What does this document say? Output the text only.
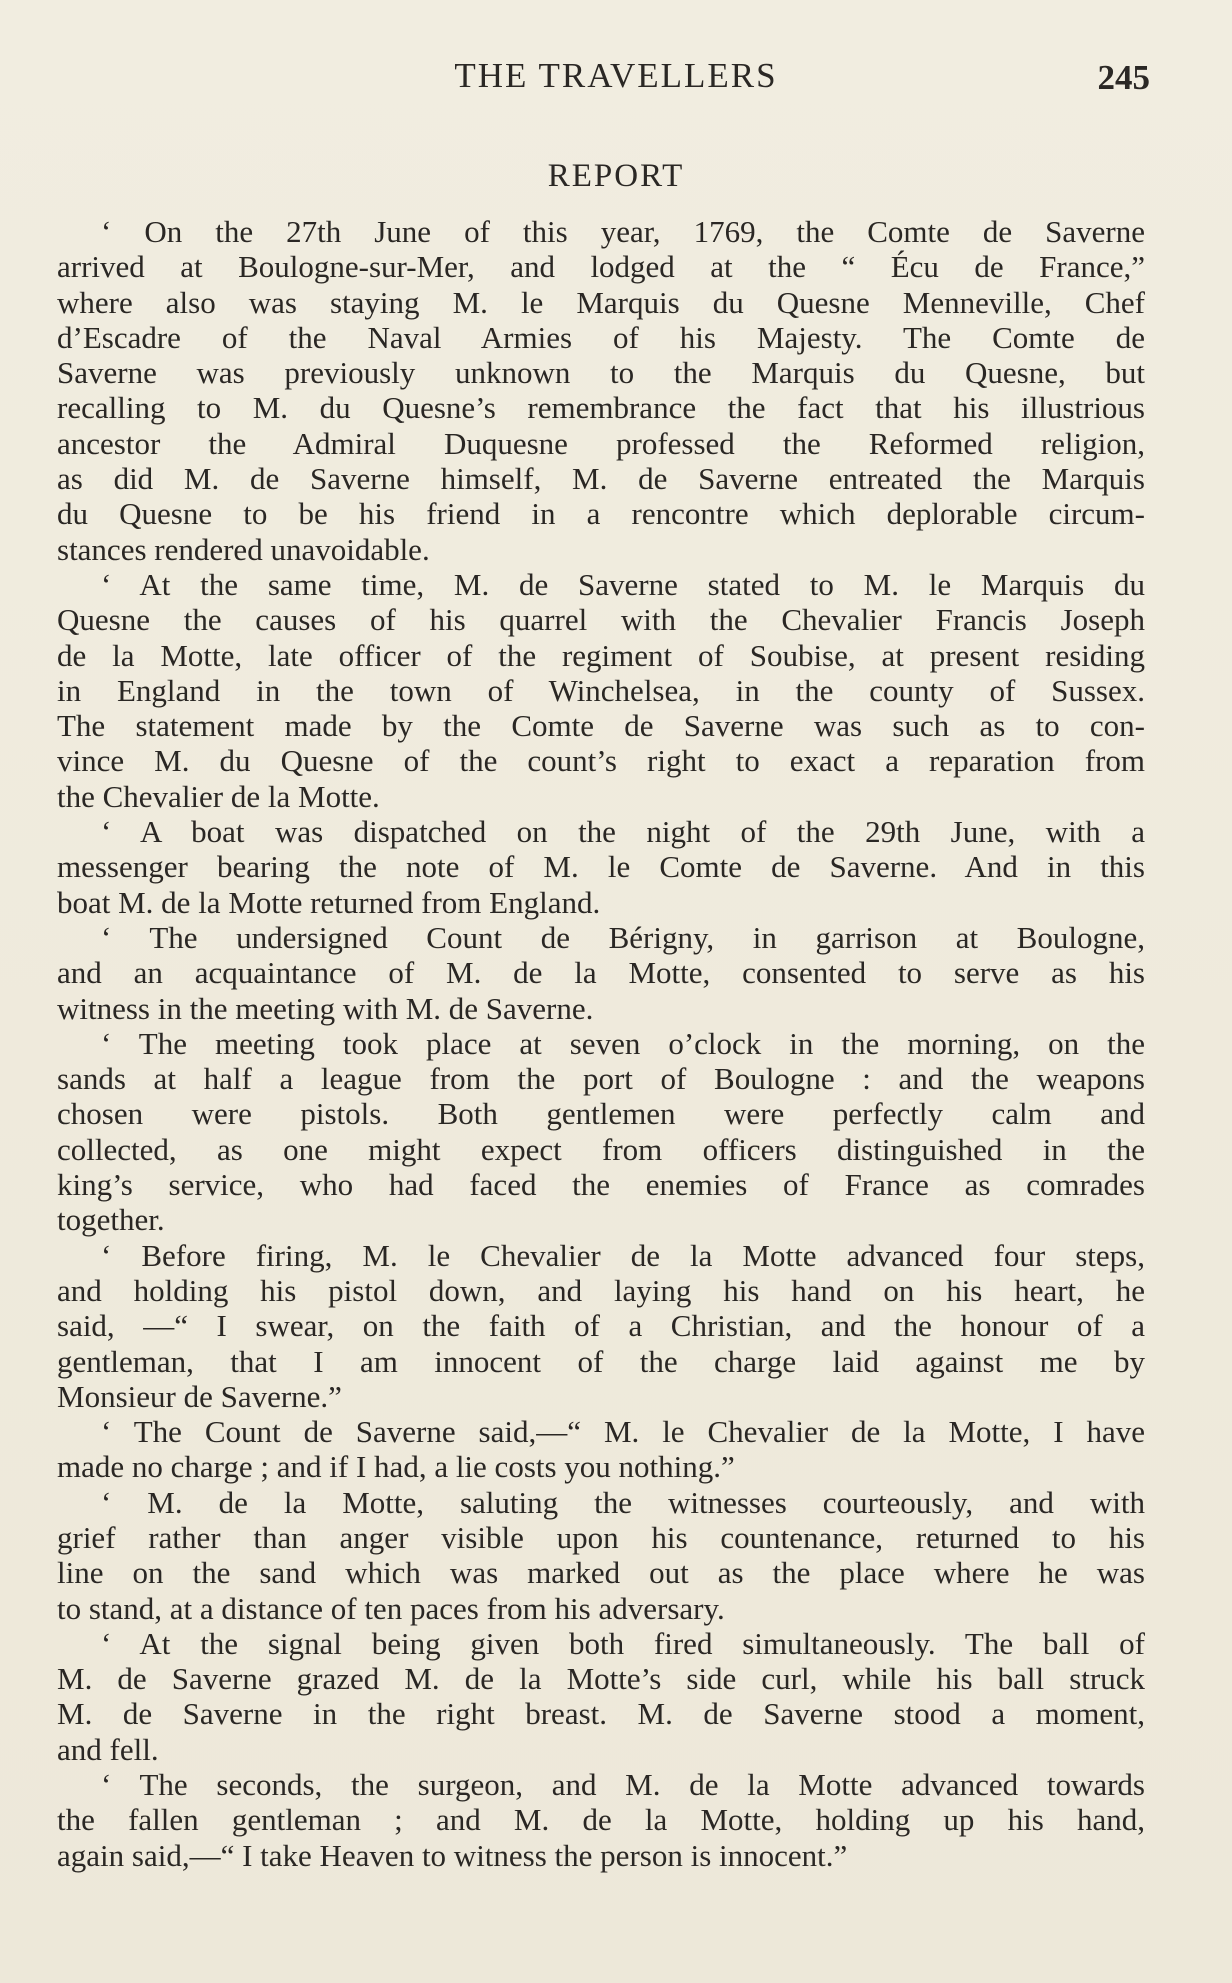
THE TRAVELLERS	245
REPORT
‘ On the 27th June of this year, 1769, the Comte de Saverne
arrived at Boulogne-sur-Mer, and lodged at the “ Écu de France,”
where also was staying M. le Marquis du Quesne Menneville, Chef
d’Escadre of the Naval Armies of his Majesty. The Comte de
Saverne was previously unknown to the Marquis du Quesne, but
recalling to M. du Quesne’s remembrance the fact that his illustrious
ancestor the Admiral Duquesne professed the Reformed religion,
as did M. de Saverne himself, M. de Saverne entreated the Marquis
du Quesne to be his friend in a rencontre which deplorable circum-
stances rendered unavoidable.
‘ At the same time, M. de Saverne stated to M. le Marquis du
Quesne the causes of his quarrel with the Chevalier Francis Joseph
de la Motte, late officer of the regiment of Soubise, at present residing
in England in the town of Winchelsea, in the county of Sussex.
The statement made by the Comte de Saverne was such as to con-
vince M. du Quesne of the count’s right to exact a reparation from
the Chevalier de la Motte.
‘ A boat was dispatched on the night of the 29th June, with a
messenger bearing the note of M. le Comte de Saverne. And in this
boat M. de la Motte returned from England.
‘ The undersigned Count de Bérigny, in garrison at Boulogne,
and an acquaintance of M. de la Motte, consented to serve as his
witness in the meeting with M. de Saverne.
‘ The meeting took place at seven o’clock in the morning, on the
sands at half a league from the port of Boulogne : and the weapons
chosen were pistols. Both gentlemen were perfectly calm and
collected, as one might expect from officers distinguished in the
king’s service, who had faced the enemies of France as comrades
together.
‘ Before firing, M. le Chevalier de la Motte advanced four steps,
and holding his pistol down, and laying his hand on his heart, he
said, —“ I swear, on the faith of a Christian, and the honour of a
gentleman, that I am innocent of the charge laid against me by
Monsieur de Saverne.”
‘ The Count de Saverne said,—“ M. le Chevalier de la Motte, I have
made no charge ; and if I had, a lie costs you nothing.”
‘ M. de la Motte, saluting the witnesses courteously, and with
grief rather than anger visible upon his countenance, returned to his
line on the sand which was marked out as the place where he was
to stand, at a distance of ten paces from his adversary.
‘ At the signal being given both fired simultaneously. The ball of
M. de Saverne grazed M. de la Motte’s side curl, while his ball struck
M. de Saverne in the right breast. M. de Saverne stood a moment,
and fell.
‘ The seconds, the surgeon, and M. de la Motte advanced towards
the fallen gentleman ; and M. de la Motte, holding up his hand,
again said,—“ I take Heaven to witness the person is innocent.”
